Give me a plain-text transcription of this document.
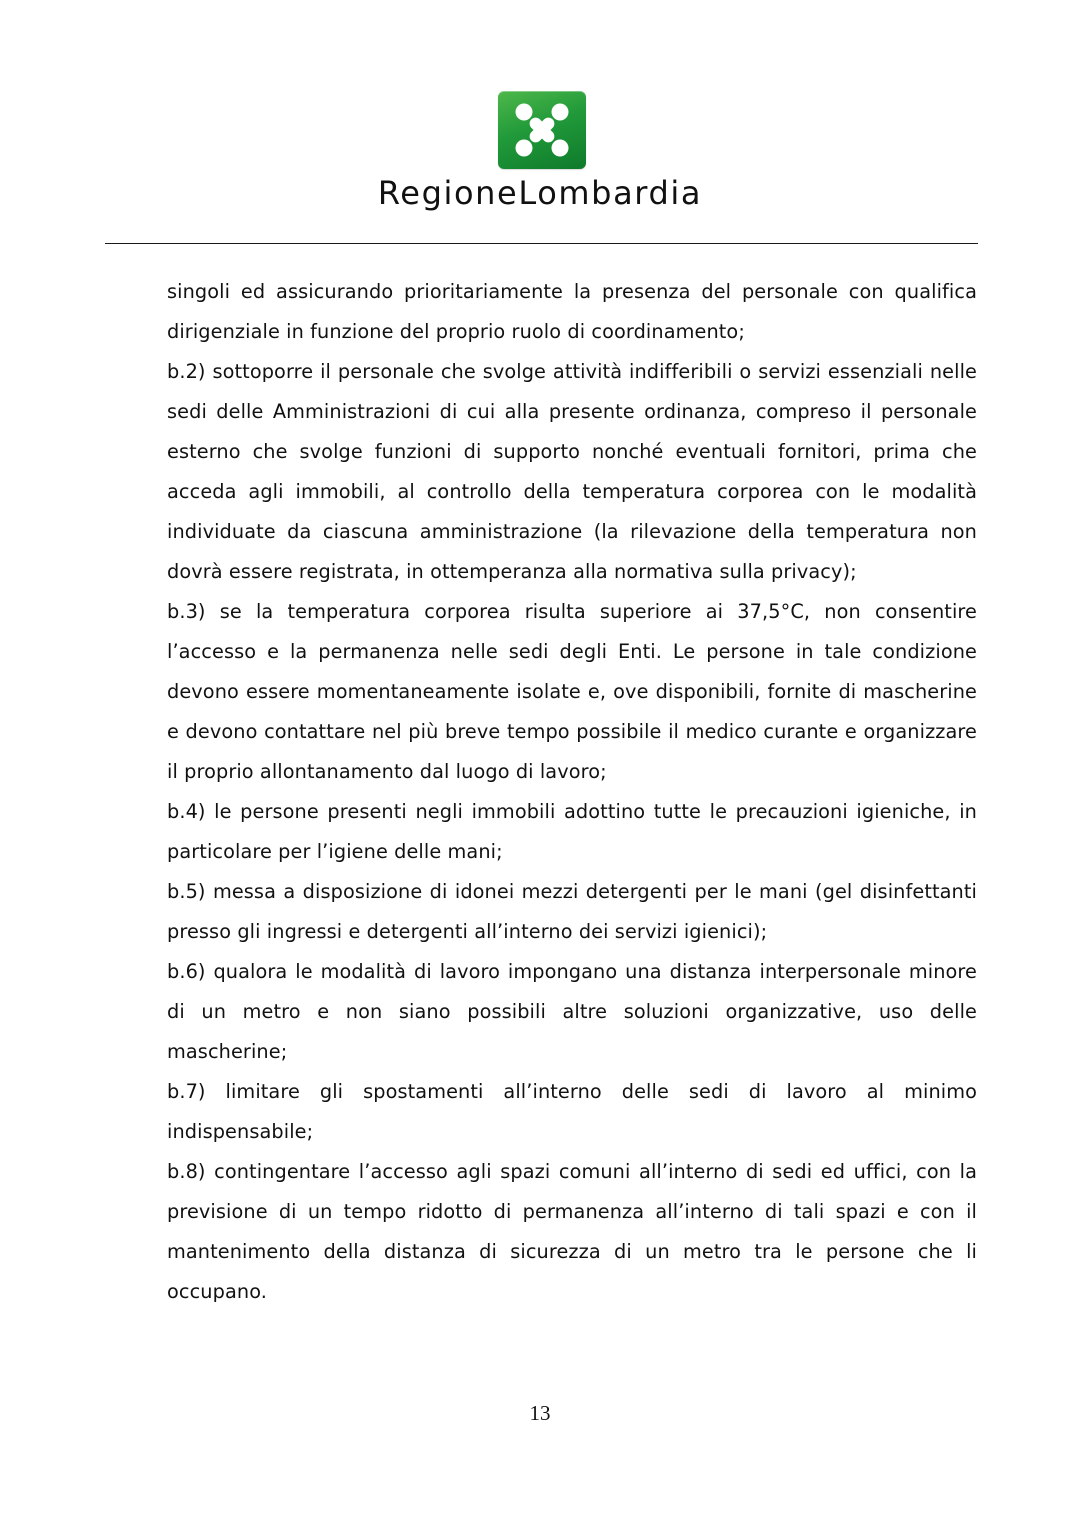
RegioneLombardia

singoli ed assicurando prioritariamente la presenza del personale con qualifica dirigenziale in funzione del proprio ruolo di coordinamento;

b.2) sottoporre il personale che svolge attività indifferibili o servizi essenziali nelle sedi delle Amministrazioni di cui alla presente ordinanza, compreso il personale esterno che svolge funzioni di supporto nonché eventuali fornitori, prima che acceda agli immobili, al controllo della temperatura corporea con le modalità individuate da ciascuna amministrazione (la rilevazione della temperatura non dovrà essere registrata, in ottemperanza alla normativa sulla privacy);

b.3) se la temperatura corporea risulta superiore ai 37,5°C, non consentire l’accesso e la permanenza nelle sedi degli Enti. Le persone in tale condizione devono essere momentaneamente isolate e, ove disponibili, fornite di mascherine e devono contattare nel più breve tempo possibile il medico curante e organizzare il proprio allontanamento dal luogo di lavoro;

b.4) le persone presenti negli immobili adottino tutte le precauzioni igieniche, in particolare per l’igiene delle mani;

b.5) messa a disposizione di idonei mezzi detergenti per le mani (gel disinfettanti presso gli ingressi e detergenti all’interno dei servizi igienici);

b.6) qualora le modalità di lavoro impongano una distanza interpersonale minore di un metro e non siano possibili altre soluzioni organizzative, uso delle mascherine;

b.7) limitare gli spostamenti all’interno delle sedi di lavoro al minimo indispensabile;

b.8) contingentare l’accesso agli spazi comuni all’interno di sedi ed uffici, con la previsione di un tempo ridotto di permanenza all’interno di tali spazi e con il mantenimento della distanza di sicurezza di un metro tra le persone che li occupano.

13
